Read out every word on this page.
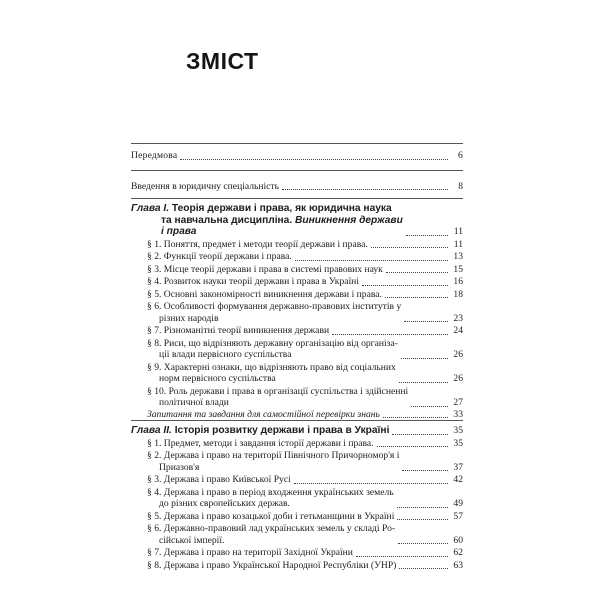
ЗМІСТ
Передмова	6
Введення в юридичну спеціальність	8
Глава I. Теорія держави і права, як юридична наука
та навчальна дисципліна. Виникнення держави
і права	11
§ 1. Поняття, предмет і методи теорії держави і права.	11
§ 2. Функції теорії держави і права.	13
§ 3. Місце теорії держави і права в системі правових наук	15
§ 4. Розвиток науки теорії держави і права в Україні	16
§ 5. Основні закономірності виникнення держави і права.	18
§ 6. Особливості формування державно-правових інститутів у
різних народів	23
§ 7. Різноманітні теорії виникнення держави	24
§ 8. Риси, що відрізняють державну організацію від організа-
ції влади первісного суспільства	26
§ 9. Характерні ознаки, що відрізняють право від соціальних
норм первісного суспільства	26
§ 10. Роль держави і права в організації суспільства і здійсненні
політичної влади	27
Запитання та завдання для самостійної перевірки знань	33
Глава II. Історія розвитку держави і права в Україні	35
§ 1. Предмет, методи і завдання історії держави і права.	35
§ 2. Держава і право на території Північного Причорномор'я і
Приазов'я	37
§ 3. Держава і право Київської Русі	42
§ 4. Держава і право в період входження українських земель
до різних європейських держав.	49
§ 5. Держава і право козацької доби і гетьманщини в Україні	57
§ 6. Державно-правовий лад українських земель у складі Ро-
сійської імперії.	60
§ 7. Держава і право на території Західної України	62
§ 8. Держава і право Української Народної Республіки (УНР)	63
